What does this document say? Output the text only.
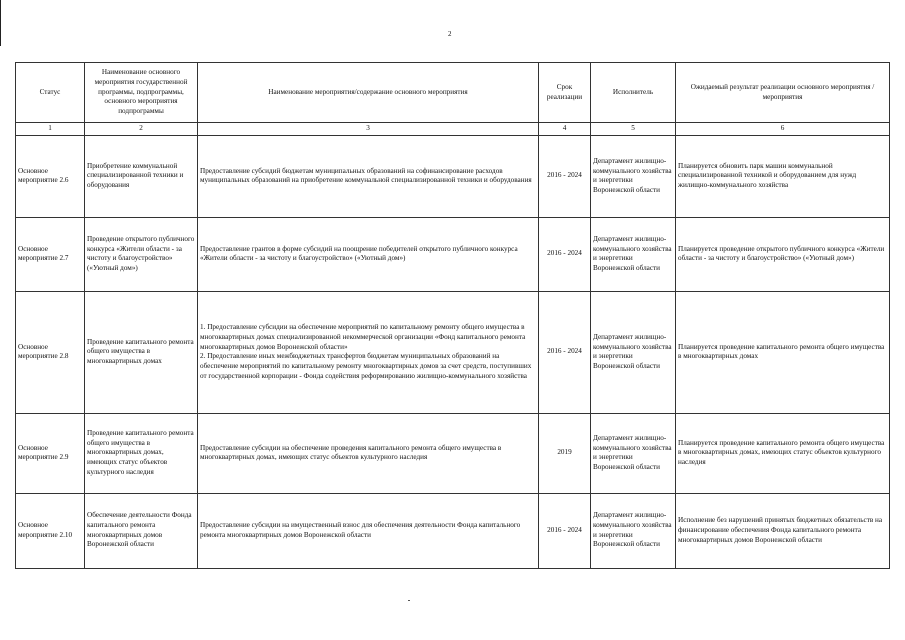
2
Статус	Наименование основного мероприятия государственной программы, подпрограммы, основного мероприятия подпрограммы	Наименование мероприятия/содержание основного мероприятия	Срок реализации	Исполнитель	Ожидаемый результат реализации основного мероприятия /мероприятия
1	2	3	4	5	6
Основное мероприятие 2.6	Приобретение коммунальной специализированной техники и оборудования	Предоставление субсидий бюджетам муниципальных образований на софинансирование расходов муниципальных образований на приобретение коммунальной специализированной техники и оборудования	2016 - 2024	Департамент жилищно-коммунального хозяйства и энергетики Воронежской области	Планируется обновить парк машин коммунальной специализированной техникой и оборудованием для нужд жилищно-коммунального хозяйства
Основное мероприятие 2.7	Проведение открытого публичного конкурса «Жители области - за чистоту и благоустройство» («Уютный дом»)	Предоставление грантов в форме субсидий на поощрение победителей открытого публичного конкурса «Жители области - за чистоту и благоустройство» («Уютный дом»)	2016 - 2024	Департамент жилищно-коммунального хозяйства и энергетики Воронежской области	Планируется проведение открытого публичного конкурса «Жители области - за чистоту и благоустройство» («Уютный дом»)
Основное мероприятие 2.8	Проведение капитального ремонта общего имущества в многоквартирных домах	1. Предоставление субсидии на обеспечение мероприятий по капитальному ремонту общего имущества в многоквартирных домах специализированной некоммерческой организации «Фонд капитального ремонта многоквартирных домов Воронежской области»
2. Предоставление иных межбюджетных трансфертов бюджетам муниципальных образований на обеспечение мероприятий по капитальному ремонту многоквартирных домов за счет средств, поступивших от государственной корпорации - Фонда содействия реформированию жилищно-коммунального хозяйства	2016 - 2024	Департамент жилищно-коммунального хозяйства и энергетики Воронежской области	Планируется проведение капитального ремонта общего имущества в многоквартирных домах
Основное мероприятие 2.9	Проведение капитального ремонта общего имущества в многоквартирных домах, имеющих статус объектов культурного наследия	Предоставление субсидии на обеспечение проведения капитального ремонта общего имущества в многоквартирных домах, имеющих статус объектов культурного наследия	2019	Департамент жилищно-коммунального хозяйства и энергетики Воронежской области	Планируется проведение капитального ремонта общего имущества в многоквартирных домах, имеющих статус объектов культурного наследия
Основное мероприятие 2.10	Обеспечение деятельности Фонда капитального ремонта многоквартирных домов Воронежской области	Предоставление субсидии на имущественный взнос для обеспечения деятельности Фонда капитального ремонта многоквартирных домов Воронежской области	2016 - 2024	Департамент жилищно-коммунального хозяйства и энергетики Воронежской области	Исполнение без нарушений принятых бюджетных обязательств на финансирование обеспечения Фонда капитального ремонта многоквартирных домов Воронежской области
